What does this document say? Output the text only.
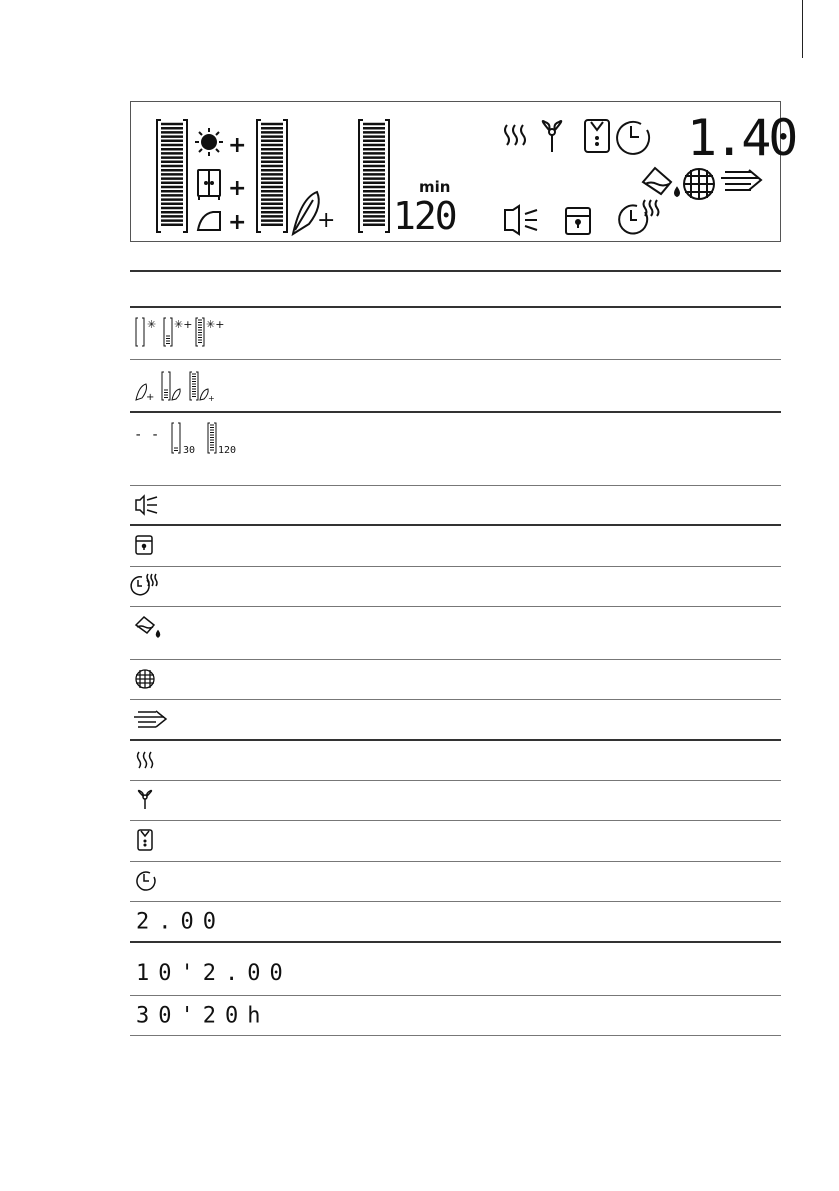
+
+
+	+
min
120
1.40
✳ ✳+ ✳+
+	+
- -
30 120
2.00
10'2.00
30'20h
